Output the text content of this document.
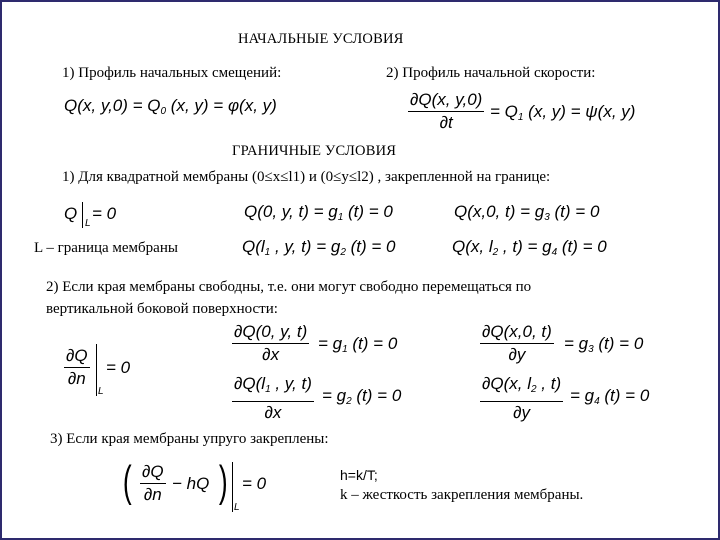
НАЧАЛЬНЫЕ УСЛОВИЯ
1) Профиль начальных смещений:	2) Профиль начальной скорости:
Q(x, $y,0) = Q_0$ (x, y) = φ(x, y)	$\frac{\partial Q(x, y,0)}{\partial t} = Q_1$ (x, y) = ψ(x, y)
ГРАНИЧНЫЕ УСЛОВИЯ
1) Для квадратной мембраны (0≤x≤l1) и (0≤y≤l2) , закрепленной на границе:
Q
L
= 0	Q(0, y, $t) = g_1$ (t) = 0	Q(x,0, $t) = g_3$ (t) = 0
L – граница мембраны	$Q(l_1$ , y, $t) = g_2$ (t) = 0	Q(x, $l_2$ , $t) = g_4$ (t) = 0
2) Если края мембраны свободны, т.е. они могут свободно перемещаться по
вертикальной боковой поверхности:
$\frac{\partial Q}{\partial n}$
L
= 0
$\frac{\partial Q(0, y, t)}{\partial x} = g_1$ (t) = 0	$\frac{\partial Q(x,0, t)}{\partial y} = g_3$ (t) = 0
$\frac{\partial Q(l_1 , y, t)}{\partial x} = g_2$ (t) = 0	$\frac{\partial Q(x, l_2 , t)}{\partial y} = g_4$ (t) = 0
3) Если края мембраны упруго закреплены:
( $\frac{\partial Q}{\partial n}$ − hQ )
L
= 0	h=k/T;
k – жесткость закрепления мембраны.
